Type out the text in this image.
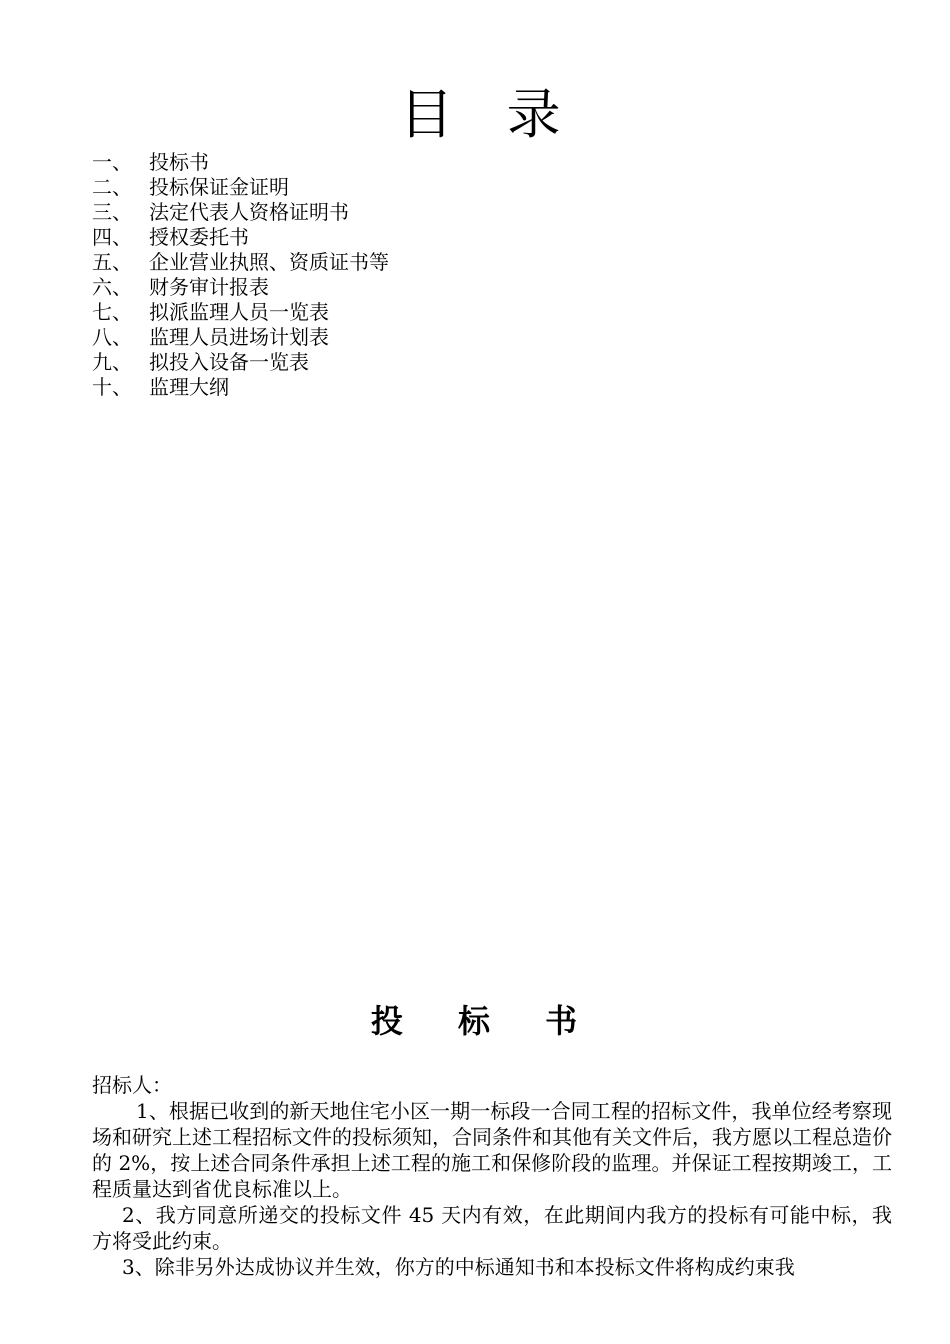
目 录
一、 投标书
二、 投标保证金证明
三、 法定代表人资格证明书
四、 授权委托书
五、 企业营业执照、资质证书等
六、 财务审计报表
七、 拟派监理人员一览表
八、 监理人员进场计划表
九、 拟投入设备一览表
十、 监理大纲
投 标 书

招标人：

1、根据已收到的新天地住宅小区一期一标段一合同工程的招标文件，我单位经考察现场和研究上述工程招标文件的投标须知，合同条件和其他有关文件后，我方愿以工程总造价的 2%，按上述合同条件承担上述工程的施工和保修阶段的监理。并保证工程按期竣工，工程质量达到省优良标准以上。

2、我方同意所递交的投标文件 45 天内有效，在此期间内我方的投标有可能中标，我方将受此约束。

3、除非另外达成协议并生效，你方的中标通知书和本投标文件将构成约束我
